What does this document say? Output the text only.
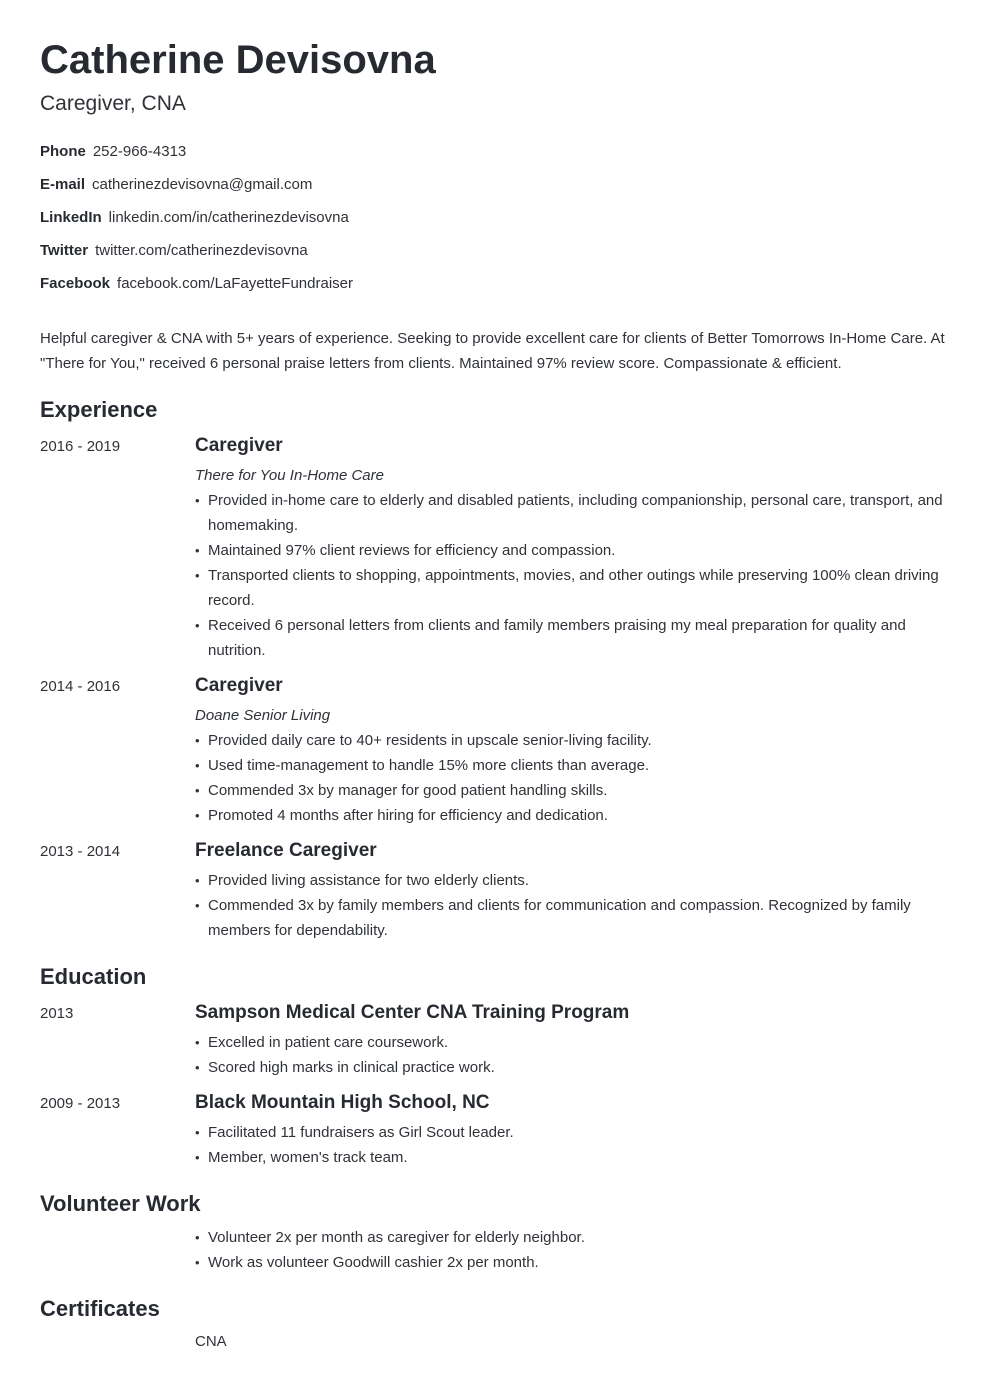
Catherine Devisovna
Caregiver, CNA
Phone 252-966-4313
E-mail catherinezdevisovna@gmail.com
LinkedIn linkedin.com/in/catherinezdevisovna
Twitter twitter.com/catherinezdevisovna
Facebook facebook.com/LaFayetteFundraiser

Helpful caregiver & CNA with 5+ years of experience. Seeking to provide excellent care for clients of Better Tomorrows In-Home Care. At "There for You," received 6 personal praise letters from clients. Maintained 97% review score. Compassionate & efficient.

Experience
2016 - 2019	Caregiver
There for You In-Home Care
• Provided in-home care to elderly and disabled patients, including companionship, personal care, transport, and homemaking.
• Maintained 97% client reviews for efficiency and compassion.
• Transported clients to shopping, appointments, movies, and other outings while preserving 100% clean driving record.
• Received 6 personal letters from clients and family members praising my meal preparation for quality and nutrition.
2014 - 2016	Caregiver
Doane Senior Living
• Provided daily care to 40+ residents in upscale senior-living facility.
• Used time-management to handle 15% more clients than average.
• Commended 3x by manager for good patient handling skills.
• Promoted 4 months after hiring for efficiency and dedication.
2013 - 2014	Freelance Caregiver
• Provided living assistance for two elderly clients.
• Commended 3x by family members and clients for communication and compassion. Recognized by family members for dependability.
Education
2013	Sampson Medical Center CNA Training Program
• Excelled in patient care coursework.
• Scored high marks in clinical practice work.
2009 - 2013	Black Mountain High School, NC
• Facilitated 11 fundraisers as Girl Scout leader.
• Member, women's track team.
Volunteer Work
• Volunteer 2x per month as caregiver for elderly neighbor.
• Work as volunteer Goodwill cashier 2x per month.
Certificates
CNA
